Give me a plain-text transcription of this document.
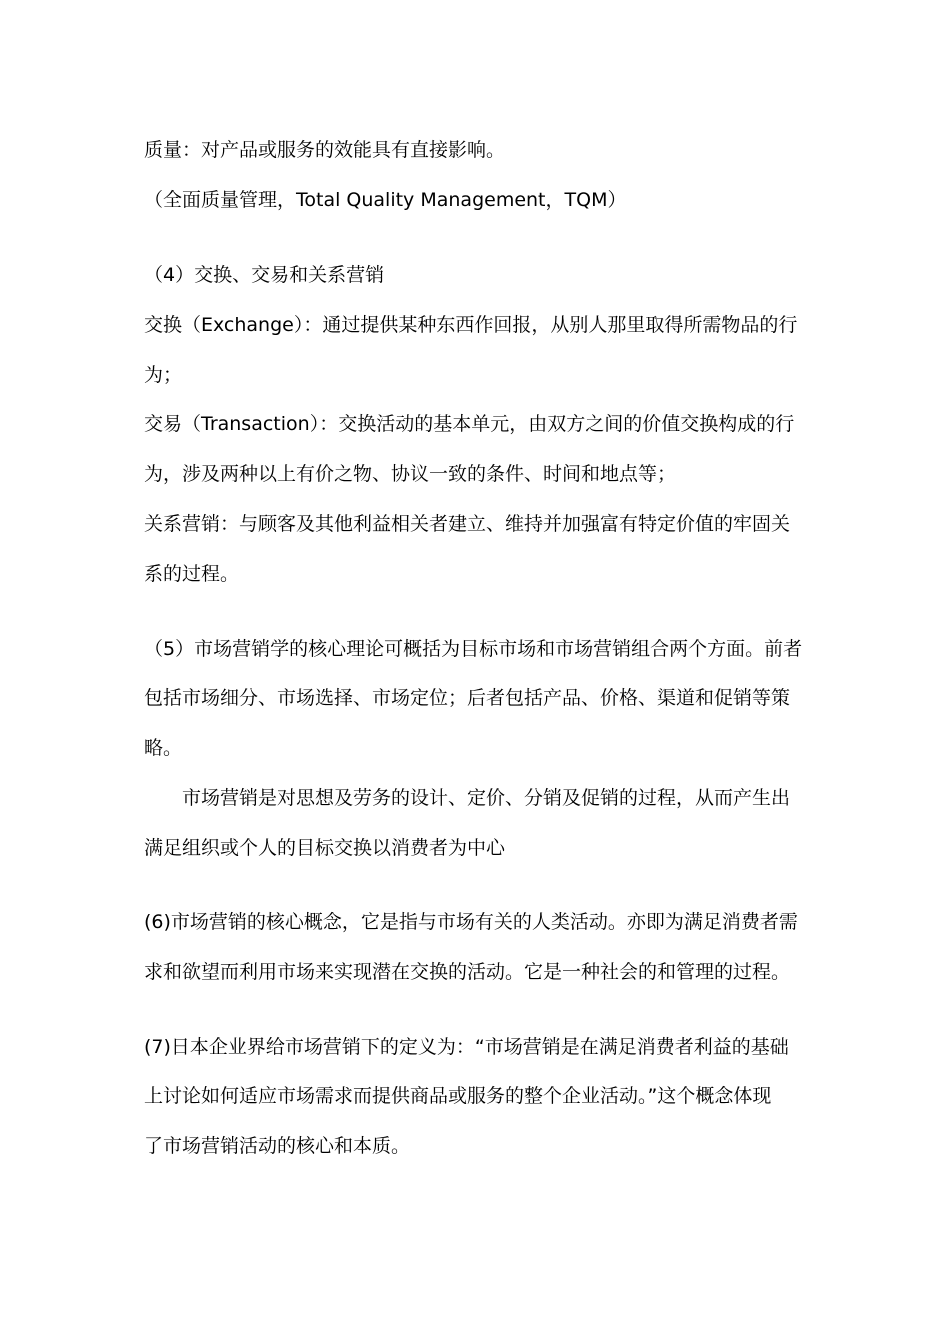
质量：对产品或服务的效能具有直接影响。
（全面质量管理，Total Quality Management，TQM）
（4）交换、交易和关系营销
交换（Exchange）：通过提供某种东西作回报，从别人那里取得所需物品的行
为；
交易（Transaction）：交换活动的基本单元，由双方之间的价值交换构成的行
为，涉及两种以上有价之物、协议一致的条件、时间和地点等；
关系营销：与顾客及其他利益相关者建立、维持并加强富有特定价值的牢固关
系的过程。
（5）市场营销学的核心理论可概括为目标市场和市场营销组合两个方面。前者
包括市场细分、市场选择、市场定位；后者包括产品、价格、渠道和促销等策
略。
市场营销是对思想及劳务的设计、定价、分销及促销的过程，从而产生出
满足组织或个人的目标交换以消费者为中心
(6)市场营销的核心概念，它是指与市场有关的人类活动。亦即为满足消费者需
求和欲望而利用市场来实现潜在交换的活动。它是一种社会的和管理的过程。
(7)日本企业界给市场营销下的定义为：“市场营销是在满足消费者利益的基础
上讨论如何适应市场需求而提供商品或服务的整个企业活动。”这个概念体现
了市场营销活动的核心和本质。
